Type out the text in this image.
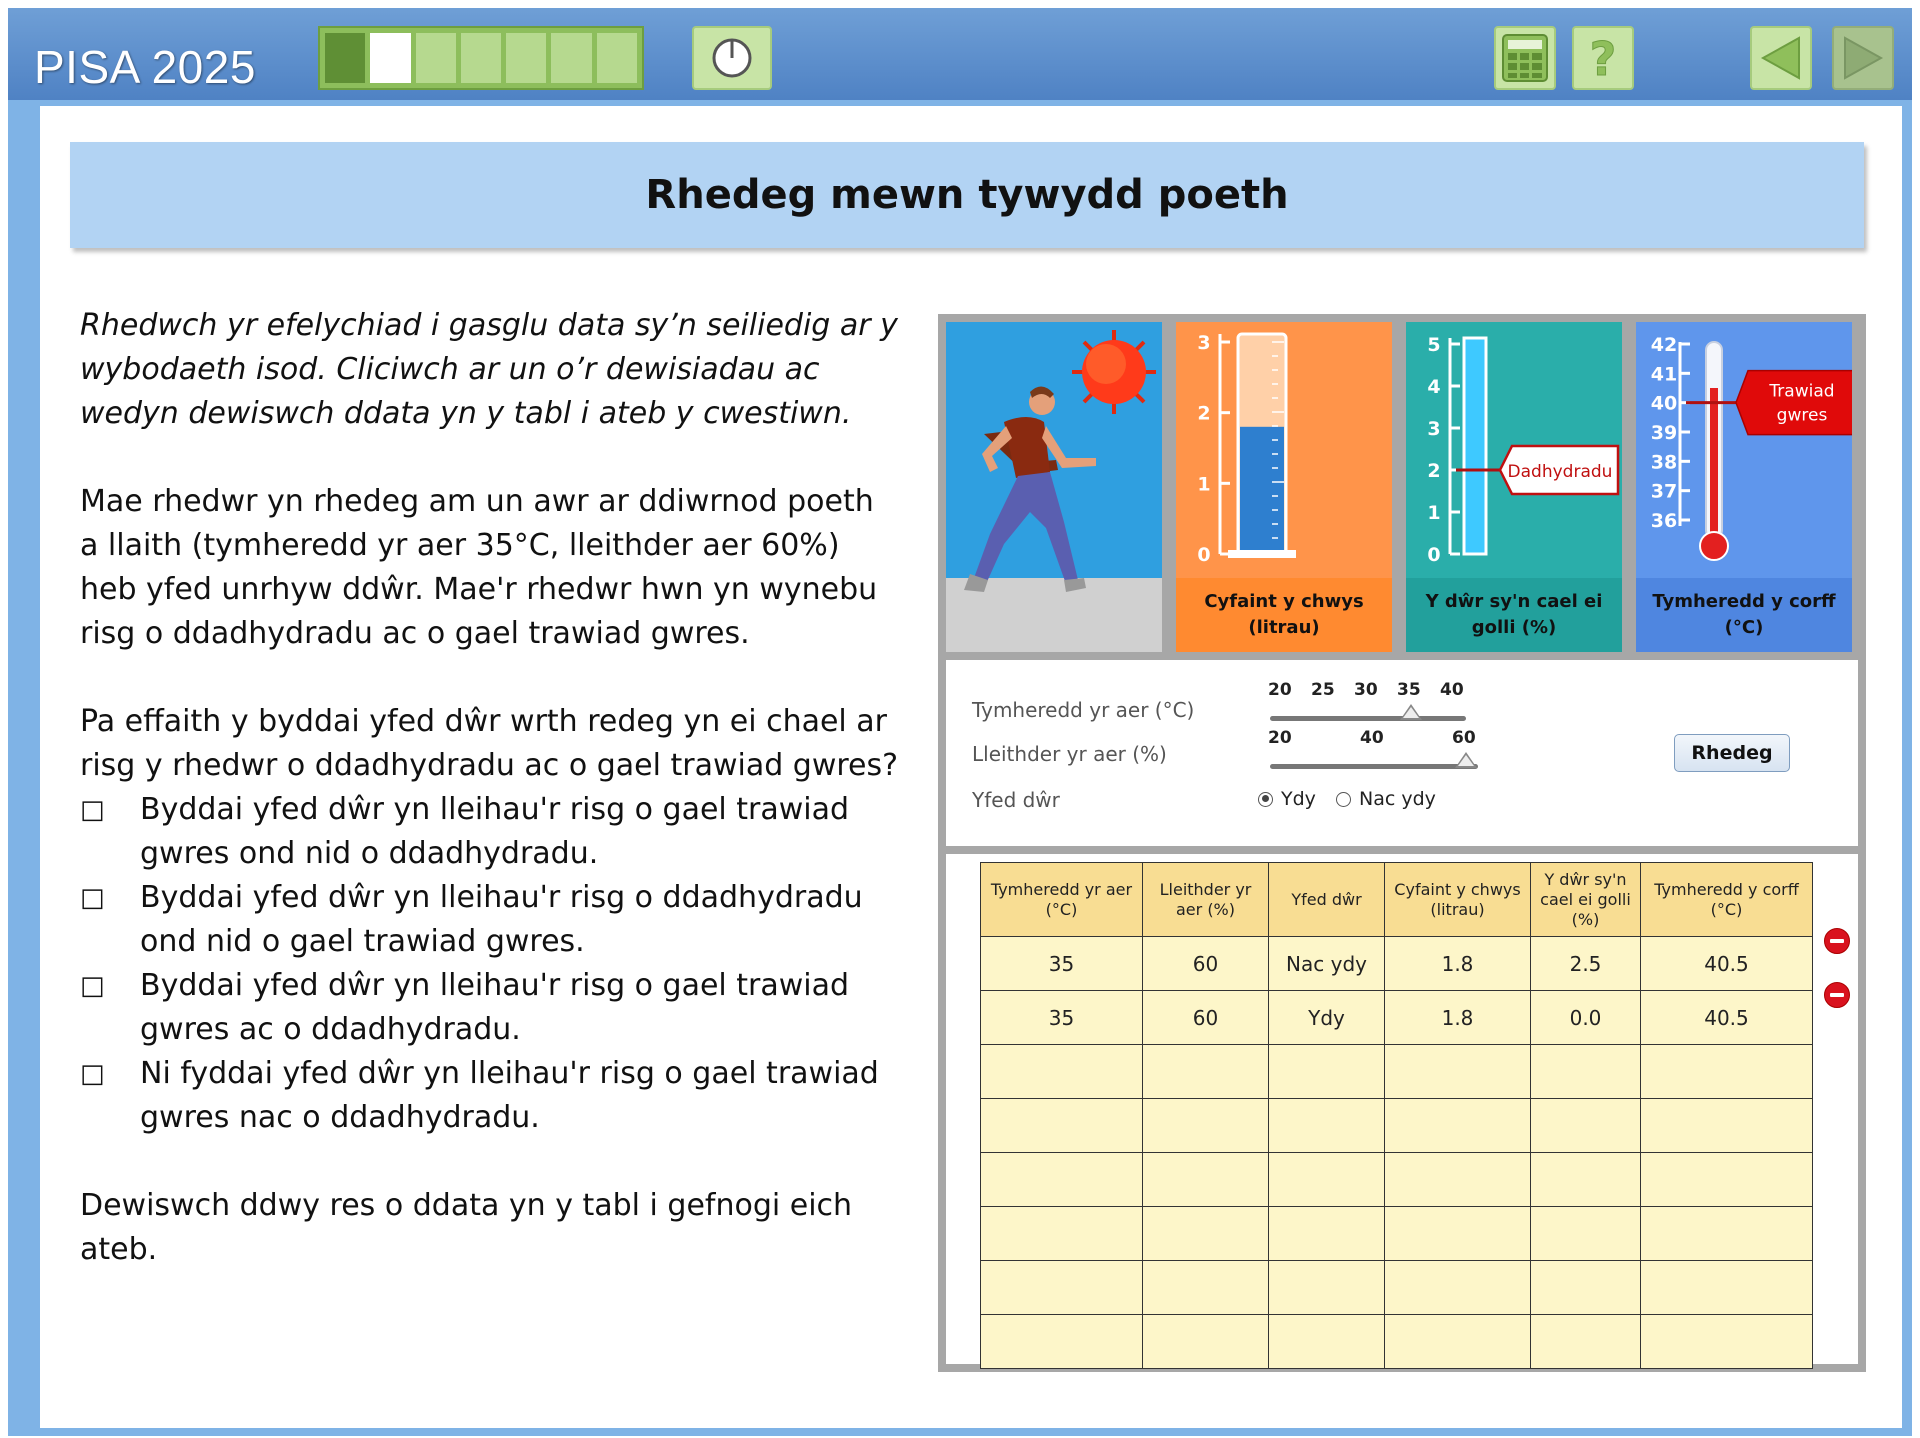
PISA 2025	?
Rhedeg mewn tywydd poeth

Rhedwch yr efelychiad i gasglu data sy’n seiliedig ar y wybodaeth isod. Cliciwch ar un o’r dewisiadau ac wedyn dewiswch ddata yn y tabl i ateb y cwestiwn.

Mae rhedwr yn rhedeg am un awr ar ddiwrnod poeth a llaith (tymheredd yr aer 35°C, lleithder aer 60%) heb yfed unrhyw ddŵr. Mae'r rhedwr hwn yn wynebu risg o ddadhydradu ac o gael trawiad gwres.

Pa effaith y byddai yfed dŵr wrth redeg yn ei chael ar risg y rhedwr o ddadhydradu ac o gael trawiad gwres?

□ Byddai yfed dŵr yn lleihau'r risg o gael trawiad gwres ond nid o ddadhydradu.
□ Byddai yfed dŵr yn lleihau'r risg o ddadhydradu ond nid o gael trawiad gwres.
□ Byddai yfed dŵr yn lleihau'r risg o gael trawiad gwres ac o ddadhydradu.
□ Ni fyddai yfed dŵr yn lleihau'r risg o gael trawiad gwres nac o ddadhydradu.

Dewiswch ddwy res o ddata yn y tabl i gefnogi eich ateb.

3
2
1
0
Cyfaint y chwys (litrau)
5
4
3
2
1
0
Dadhydradu
Y dŵr sy'n cael ei golli (%)
42
41
40
39
38
37
36
Trawiad
gwres
Tymheredd y corff (°C)
Tymheredd yr aer (°C)
Lleithder yr aer (%)
Yfed dŵr
20 25 30 35 40
20	40	60
Ydy Nac ydy
Rhedeg
Tymheredd yr aer (°C)	Lleithder yr aer (%)	Yfed dŵr	Cyfaint y chwys (litrau)	Y dŵr sy'n cael ei golli (%)	Tymheredd y corff (°C)
35	60	Nac ydy	1.8	2.5	40.5
35	60	Ydy	1.8	0.0	40.5
